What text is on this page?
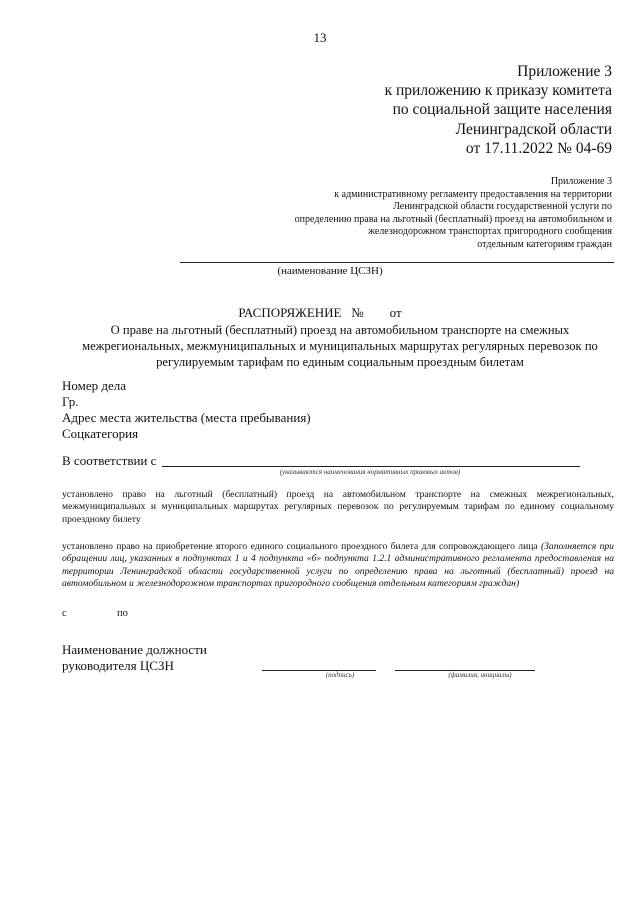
13
Приложение 3
к приложению к приказу комитета
по социальной защите населения
Ленинградской области
от 17.11.2022 № 04-69
Приложение 3
к административному регламенту предоставления на территории
Ленинградской области государственной услуги по
определению права на льготный (бесплатный) проезд на автомобильном и
железнодорожном транспортах пригородного сообщения
отдельным категориям граждан
(наименование ЦСЗН)
РАСПОРЯЖЕНИЕ   №        от
О праве на льготный (бесплатный) проезд на автомобильном транспорте на смежных
межрегиональных, межмуниципальных и муниципальных маршрутах регулярных перевозок по
регулируемым тарифам по единым социальным проездным билетам
Номер дела
Гр.
Адрес места жительства (места пребывания)
Соцкатегория
В соответствии с
(указываются наименования нормативных правовых актов)
установлено право на льготный (бесплатный) проезд на автомобильном транспорте на смежных межрегиональных, межмуниципальных и муниципальных маршрутах регулярных перевозок по регулируемым тарифам по единому социальному проездному билету
установлено право на приобретение второго единого социального проездного билета для сопровождающего лица (Заполняется при обращении лиц, указанных в подпунктах 1 и 4 подпункта «б» подпункта 1.2.1 административного регламента предоставления на территории Ленинградской области государственной услуги по определению права на льготный (бесплатный) проезд на автомобильном и железнодорожном транспортах пригородного сообщения отдельным категориям граждан)
с	по
Наименование должности
руководителя ЦСЗН
(подпись)	(фамилия, инициалы)
